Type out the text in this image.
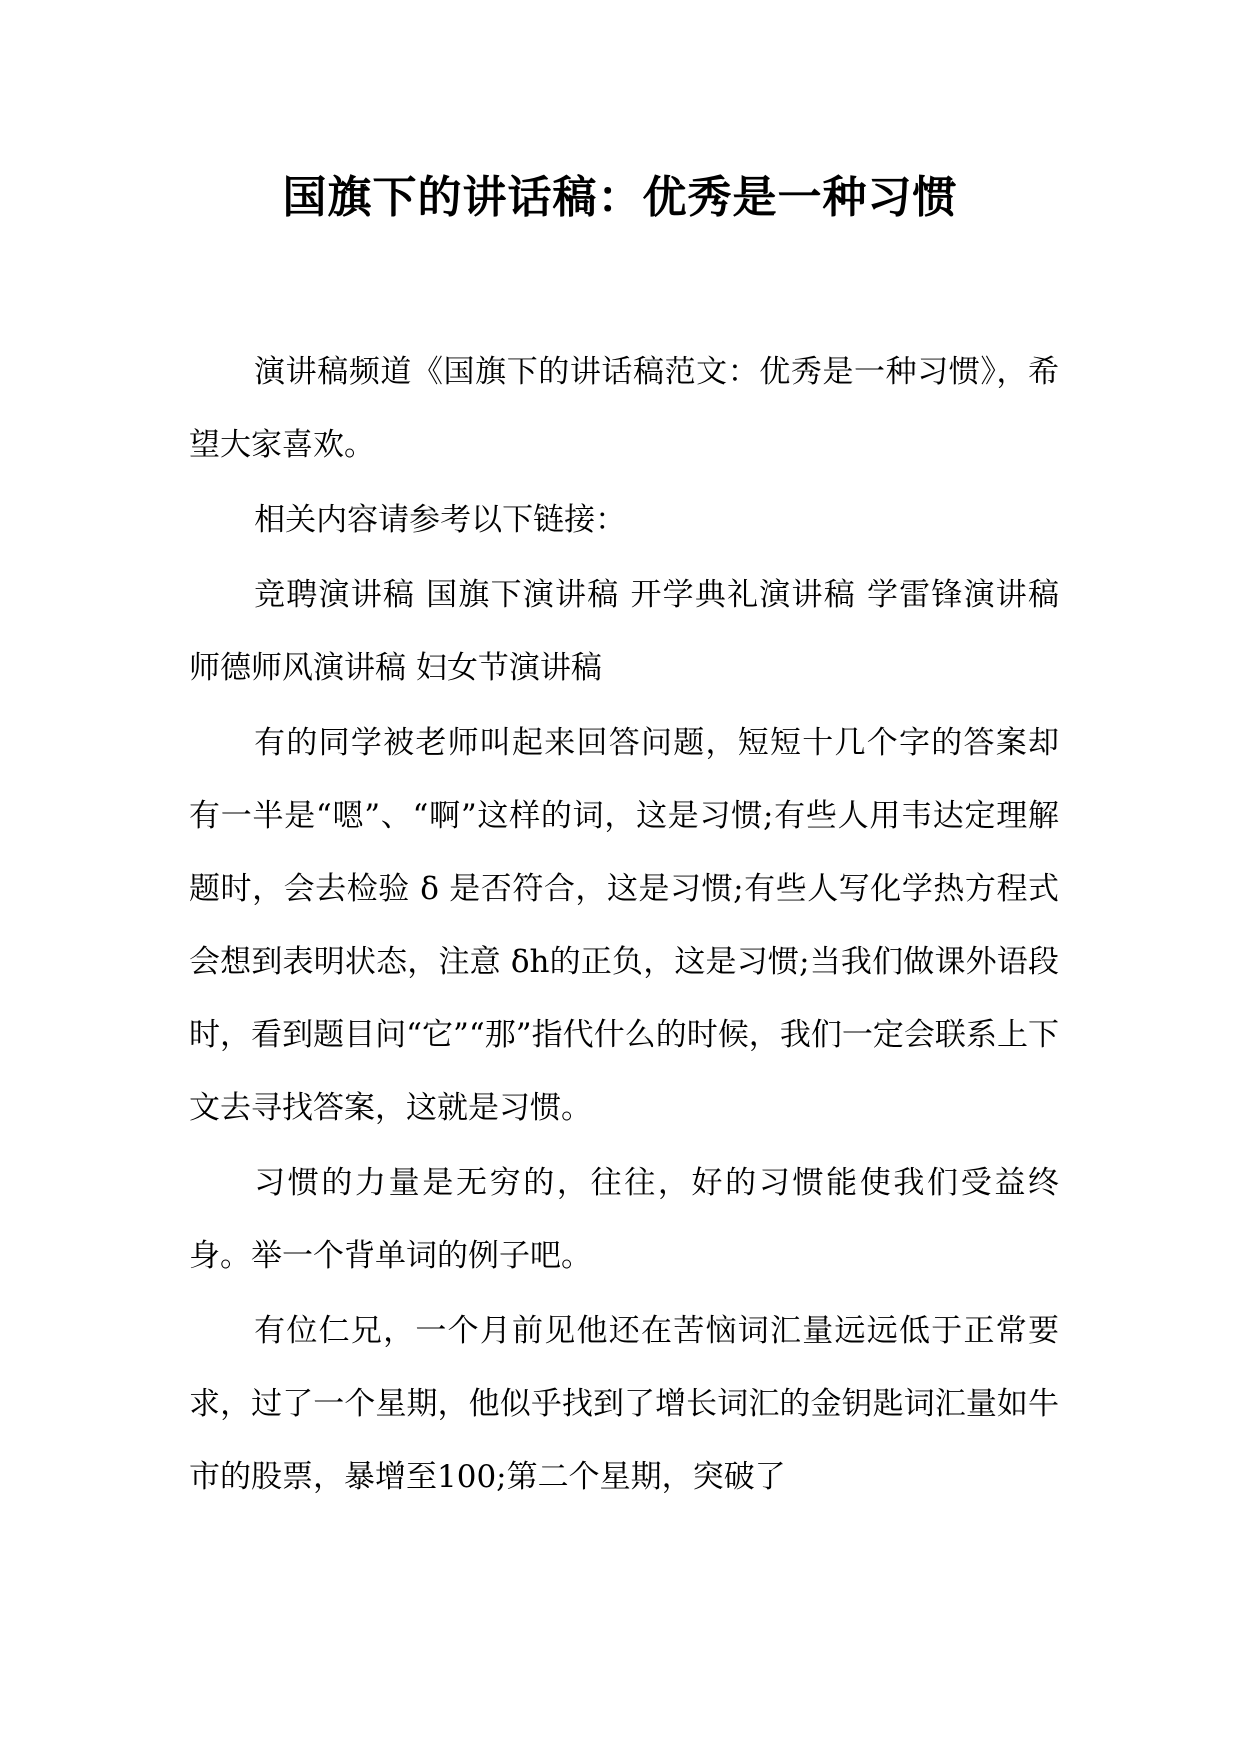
国旗下的讲话稿：优秀是一种习惯

演讲稿频道《国旗下的讲话稿范文：优秀是一种习惯》，希望大家喜欢。

相关内容请参考以下链接：

竞聘演讲稿 国旗下演讲稿 开学典礼演讲稿 学雷锋演讲稿 师德师风演讲稿 妇女节演讲稿

有的同学被老师叫起来回答问题，短短十几个字的答案却有一半是“嗯”、“啊”这样的词，这是习惯;有些人用韦达定理解题时，会去检验 δ 是否符合，这是习惯;有些人写化学热方程式会想到表明状态，注意 δh的正负，这是习惯;当我们做课外语段时，看到题目问“它”“那”指代什么的时候，我们一定会联系上下文去寻找答案，这就是习惯。

习惯的力量是无穷的，往往，好的习惯能使我们受益终身。举一个背单词的例子吧。

有位仁兄，一个月前见他还在苦恼词汇量远远低于正常要求，过了一个星期，他似乎找到了增长词汇的金钥匙词汇量如牛市的股票，暴增至100;第二个星期，突破了
